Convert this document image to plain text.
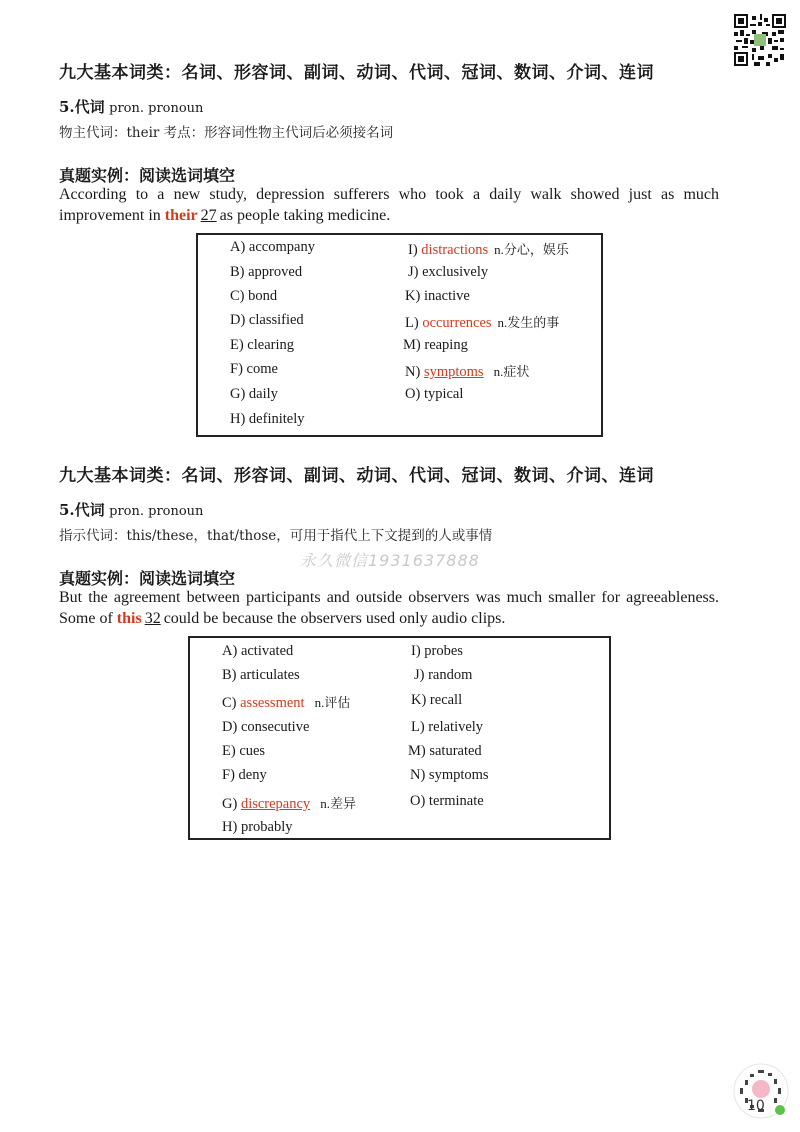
九大基本词类：名词、形容词、副词、动词、代词、冠词、数词、介词、连词
5.代词 pron. pronoun
物主代词：their 考点：形容词性物主代词后必须接名词
真题实例：阅读选词填空
According to a new study, depression sufferers who took a daily walk showed just as much improvement in their 27 as people taking medicine.
A) accompany
B) approved
C) bond
D) classified
E) clearing
F) come
G) daily
H) definitely
I) distractions n.分心，娱乐
J) exclusively
K) inactive
L) occurrences n.发生的事
M) reaping
N) symptoms n.症状
O) typical
九大基本词类：名词、形容词、副词、动词、代词、冠词、数词、介词、连词
5.代词 pron. pronoun
指示代词：this/these，that/those，可用于指代上下文提到的人或事情
永久微信1931637888
真题实例：阅读选词填空
But the agreement between participants and outside observers was much smaller for agreeableness. Some of this 32 could be because the observers used only audio clips.
A) activated
B) articulates
C) assessment n.评估
D) consecutive
E) cues
F) deny
G) discrepancy n.差异
H) probably
I) probes
J) random
K) recall
L) relatively
M) saturated
N) symptoms
O) terminate
10
